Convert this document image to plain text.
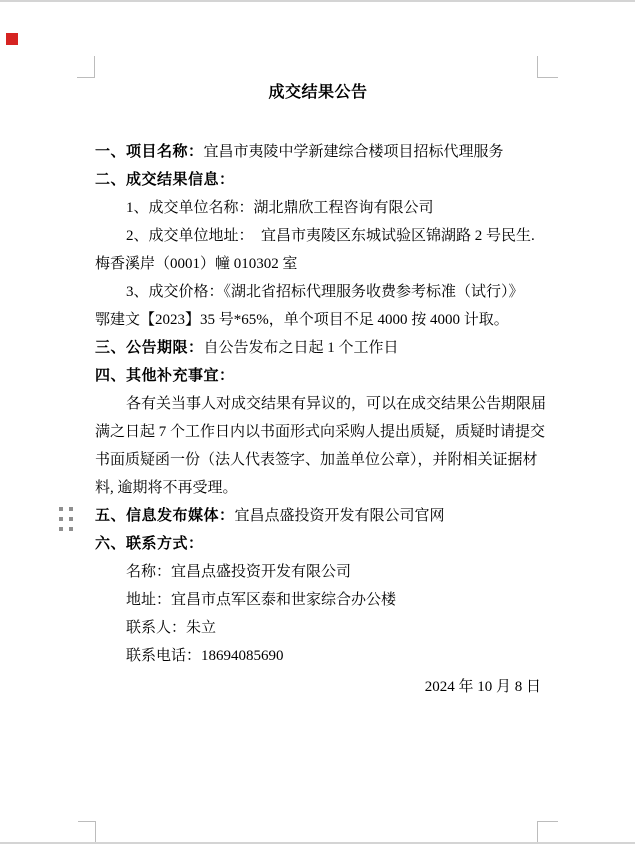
成交结果公告
一、项目名称：宜昌市夷陵中学新建综合楼项目招标代理服务
二、成交结果信息：
1、成交单位名称：湖北鼎欣工程咨询有限公司
2、成交单位地址：　宜昌市夷陵区东城试验区锦湖路 2 号民生.
梅香溪岸（0001）幢 010302 室
3、成交价格：《湖北省招标代理服务收费参考标准（试行）》
鄂建文【2023】35 号*65%，单个项目不足 4000 按 4000 计取。
三、公告期限：自公告发布之日起 1 个工作日
四、其他补充事宜：
各有关当事人对成交结果有异议的，可以在成交结果公告期限届
满之日起 7 个工作日内以书面形式向采购人提出质疑，质疑时请提交
书面质疑函一份（法人代表签字、加盖单位公章），并附相关证据材
料, 逾期将不再受理。
五、信息发布媒体：宜昌点盛投资开发有限公司官网
六、联系方式：
名称：宜昌点盛投资开发有限公司
地址：宜昌市点军区泰和世家综合办公楼
联系人：朱立
联系电话：18694085690
2024 年 10 月 8 日
